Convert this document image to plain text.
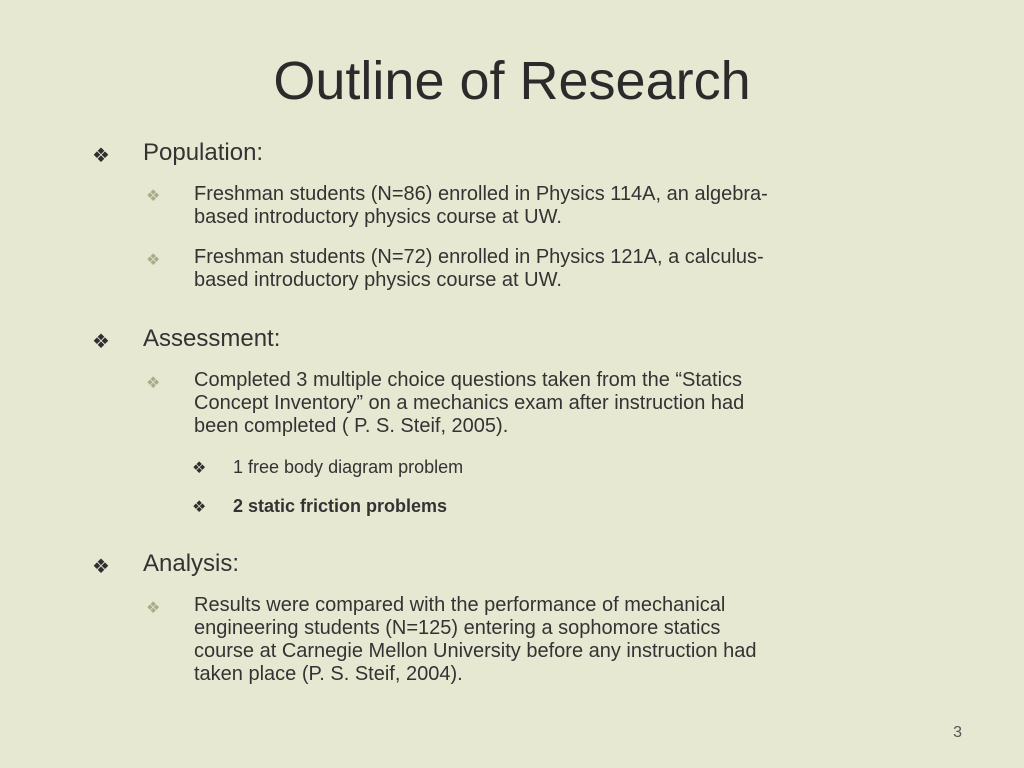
Outline of Research
❖ Population:
❖ Freshman students (N=86) enrolled in Physics 114A, an algebra-
based introductory physics course at UW.
❖ Freshman students (N=72) enrolled in Physics 121A, a calculus-
based introductory physics course at UW.
❖ Assessment:
❖ Completed 3 multiple choice questions taken from the “Statics
Concept Inventory” on a mechanics exam after instruction had
been completed ( P. S. Steif, 2005).
❖ 1 free body diagram problem
❖ 2 static friction problems
❖ Analysis:
❖ Results were compared with the performance of mechanical
engineering students (N=125) entering a sophomore statics
course at Carnegie Mellon University before any instruction had
taken place (P. S. Steif, 2004).
3
